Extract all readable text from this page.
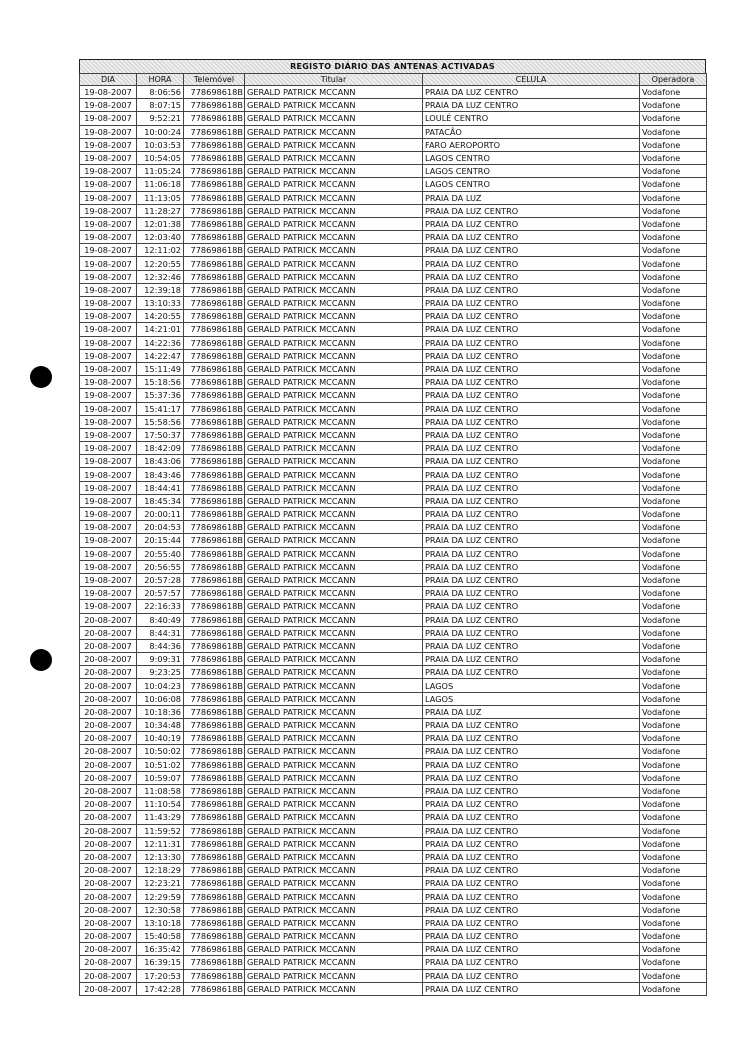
REGISTO DIÁRIO DAS ANTENAS ACTIVADAS
DIA	HORA	Telemóvel	Titular	CELULA	Operadora
19-08-2007	8:06:56	778698618B	GERALD PATRICK MCCANN	PRAIA DA LUZ CENTRO	Vodafone
19-08-2007	8:07:15	778698618B	GERALD PATRICK MCCANN	PRAIA DA LUZ CENTRO	Vodafone
19-08-2007	9:52:21	778698618B	GERALD PATRICK MCCANN	LOULÉ CENTRO	Vodafone
19-08-2007	10:00:24	778698618B	GERALD PATRICK MCCANN	PATACÃO	Vodafone
19-08-2007	10:03:53	778698618B	GERALD PATRICK MCCANN	FARO AEROPORTO	Vodafone
19-08-2007	10:54:05	778698618B	GERALD PATRICK MCCANN	LAGOS CENTRO	Vodafone
19-08-2007	11:05:24	778698618B	GERALD PATRICK MCCANN	LAGOS CENTRO	Vodafone
19-08-2007	11:06:18	778698618B	GERALD PATRICK MCCANN	LAGOS CENTRO	Vodafone
19-08-2007	11:13:05	778698618B	GERALD PATRICK MCCANN	PRAIA DA LUZ	Vodafone
19-08-2007	11:28:27	778698618B	GERALD PATRICK MCCANN	PRAIA DA LUZ CENTRO	Vodafone
19-08-2007	12:01:38	778698618B	GERALD PATRICK MCCANN	PRAIA DA LUZ CENTRO	Vodafone
19-08-2007	12:03:40	778698618B	GERALD PATRICK MCCANN	PRAIA DA LUZ CENTRO	Vodafone
19-08-2007	12:11:02	778698618B	GERALD PATRICK MCCANN	PRAIA DA LUZ CENTRO	Vodafone
19-08-2007	12:20:55	778698618B	GERALD PATRICK MCCANN	PRAIA DA LUZ CENTRO	Vodafone
19-08-2007	12:32:46	778698618B	GERALD PATRICK MCCANN	PRAIA DA LUZ CENTRO	Vodafone
19-08-2007	12:39:18	778698618B	GERALD PATRICK MCCANN	PRAIA DA LUZ CENTRO	Vodafone
19-08-2007	13:10:33	778698618B	GERALD PATRICK MCCANN	PRAIA DA LUZ CENTRO	Vodafone
19-08-2007	14:20:55	778698618B	GERALD PATRICK MCCANN	PRAIA DA LUZ CENTRO	Vodafone
19-08-2007	14:21:01	778698618B	GERALD PATRICK MCCANN	PRAIA DA LUZ CENTRO	Vodafone
19-08-2007	14:22:36	778698618B	GERALD PATRICK MCCANN	PRAIA DA LUZ CENTRO	Vodafone
19-08-2007	14:22:47	778698618B	GERALD PATRICK MCCANN	PRAIA DA LUZ CENTRO	Vodafone
19-08-2007	15:11:49	778698618B	GERALD PATRICK MCCANN	PRAIA DA LUZ CENTRO	Vodafone
19-08-2007	15:18:56	778698618B	GERALD PATRICK MCCANN	PRAIA DA LUZ CENTRO	Vodafone
19-08-2007	15:37:36	778698618B	GERALD PATRICK MCCANN	PRAIA DA LUZ CENTRO	Vodafone
19-08-2007	15:41:17	778698618B	GERALD PATRICK MCCANN	PRAIA DA LUZ CENTRO	Vodafone
19-08-2007	15:58:56	778698618B	GERALD PATRICK MCCANN	PRAIA DA LUZ CENTRO	Vodafone
19-08-2007	17:50:37	778698618B	GERALD PATRICK MCCANN	PRAIA DA LUZ CENTRO	Vodafone
19-08-2007	18:42:09	778698618B	GERALD PATRICK MCCANN	PRAIA DA LUZ CENTRO	Vodafone
19-08-2007	18:43:06	778698618B	GERALD PATRICK MCCANN	PRAIA DA LUZ CENTRO	Vodafone
19-08-2007	18:43:46	778698618B	GERALD PATRICK MCCANN	PRAIA DA LUZ CENTRO	Vodafone
19-08-2007	18:44:41	778698618B	GERALD PATRICK MCCANN	PRAIA DA LUZ CENTRO	Vodafone
19-08-2007	18:45:34	778698618B	GERALD PATRICK MCCANN	PRAIA DA LUZ CENTRO	Vodafone
19-08-2007	20:00:11	778698618B	GERALD PATRICK MCCANN	PRAIA DA LUZ CENTRO	Vodafone
19-08-2007	20:04:53	778698618B	GERALD PATRICK MCCANN	PRAIA DA LUZ CENTRO	Vodafone
19-08-2007	20:15:44	778698618B	GERALD PATRICK MCCANN	PRAIA DA LUZ CENTRO	Vodafone
19-08-2007	20:55:40	778698618B	GERALD PATRICK MCCANN	PRAIA DA LUZ CENTRO	Vodafone
19-08-2007	20:56:55	778698618B	GERALD PATRICK MCCANN	PRAIA DA LUZ CENTRO	Vodafone
19-08-2007	20:57:28	778698618B	GERALD PATRICK MCCANN	PRAIA DA LUZ CENTRO	Vodafone
19-08-2007	20:57:57	778698618B	GERALD PATRICK MCCANN	PRAIA DA LUZ CENTRO	Vodafone
19-08-2007	22:16:33	778698618B	GERALD PATRICK MCCANN	PRAIA DA LUZ CENTRO	Vodafone
20-08-2007	8:40:49	778698618B	GERALD PATRICK MCCANN	PRAIA DA LUZ CENTRO	Vodafone
20-08-2007	8:44:31	778698618B	GERALD PATRICK MCCANN	PRAIA DA LUZ CENTRO	Vodafone
20-08-2007	8:44:36	778698618B	GERALD PATRICK MCCANN	PRAIA DA LUZ CENTRO	Vodafone
20-08-2007	9:09:31	778698618B	GERALD PATRICK MCCANN	PRAIA DA LUZ CENTRO	Vodafone
20-08-2007	9:23:25	778698618B	GERALD PATRICK MCCANN	PRAIA DA LUZ CENTRO	Vodafone
20-08-2007	10:04:23	778698618B	GERALD PATRICK MCCANN	LAGOS	Vodafone
20-08-2007	10:06:08	778698618B	GERALD PATRICK MCCANN	LAGOS	Vodafone
20-08-2007	10:18:36	778698618B	GERALD PATRICK MCCANN	PRAIA DA LUZ	Vodafone
20-08-2007	10:34:48	778698618B	GERALD PATRICK MCCANN	PRAIA DA LUZ CENTRO	Vodafone
20-08-2007	10:40:19	778698618B	GERALD PATRICK MCCANN	PRAIA DA LUZ CENTRO	Vodafone
20-08-2007	10:50:02	778698618B	GERALD PATRICK MCCANN	PRAIA DA LUZ CENTRO	Vodafone
20-08-2007	10:51:02	778698618B	GERALD PATRICK MCCANN	PRAIA DA LUZ CENTRO	Vodafone
20-08-2007	10:59:07	778698618B	GERALD PATRICK MCCANN	PRAIA DA LUZ CENTRO	Vodafone
20-08-2007	11:08:58	778698618B	GERALD PATRICK MCCANN	PRAIA DA LUZ CENTRO	Vodafone
20-08-2007	11:10:54	778698618B	GERALD PATRICK MCCANN	PRAIA DA LUZ CENTRO	Vodafone
20-08-2007	11:43:29	778698618B	GERALD PATRICK MCCANN	PRAIA DA LUZ CENTRO	Vodafone
20-08-2007	11:59:52	778698618B	GERALD PATRICK MCCANN	PRAIA DA LUZ CENTRO	Vodafone
20-08-2007	12:11:31	778698618B	GERALD PATRICK MCCANN	PRAIA DA LUZ CENTRO	Vodafone
20-08-2007	12:13:30	778698618B	GERALD PATRICK MCCANN	PRAIA DA LUZ CENTRO	Vodafone
20-08-2007	12:18:29	778698618B	GERALD PATRICK MCCANN	PRAIA DA LUZ CENTRO	Vodafone
20-08-2007	12:23:21	778698618B	GERALD PATRICK MCCANN	PRAIA DA LUZ CENTRO	Vodafone
20-08-2007	12:29:59	778698618B	GERALD PATRICK MCCANN	PRAIA DA LUZ CENTRO	Vodafone
20-08-2007	12:30:58	778698618B	GERALD PATRICK MCCANN	PRAIA DA LUZ CENTRO	Vodafone
20-08-2007	13:10:18	778698618B	GERALD PATRICK MCCANN	PRAIA DA LUZ CENTRO	Vodafone
20-08-2007	15:40:58	778698618B	GERALD PATRICK MCCANN	PRAIA DA LUZ CENTRO	Vodafone
20-08-2007	16:35:42	778698618B	GERALD PATRICK MCCANN	PRAIA DA LUZ CENTRO	Vodafone
20-08-2007	16:39:15	778698618B	GERALD PATRICK MCCANN	PRAIA DA LUZ CENTRO	Vodafone
20-08-2007	17:20:53	778698618B	GERALD PATRICK MCCANN	PRAIA DA LUZ CENTRO	Vodafone
20-08-2007	17:42:28	778698618B	GERALD PATRICK MCCANN	PRAIA DA LUZ CENTRO	Vodafone
